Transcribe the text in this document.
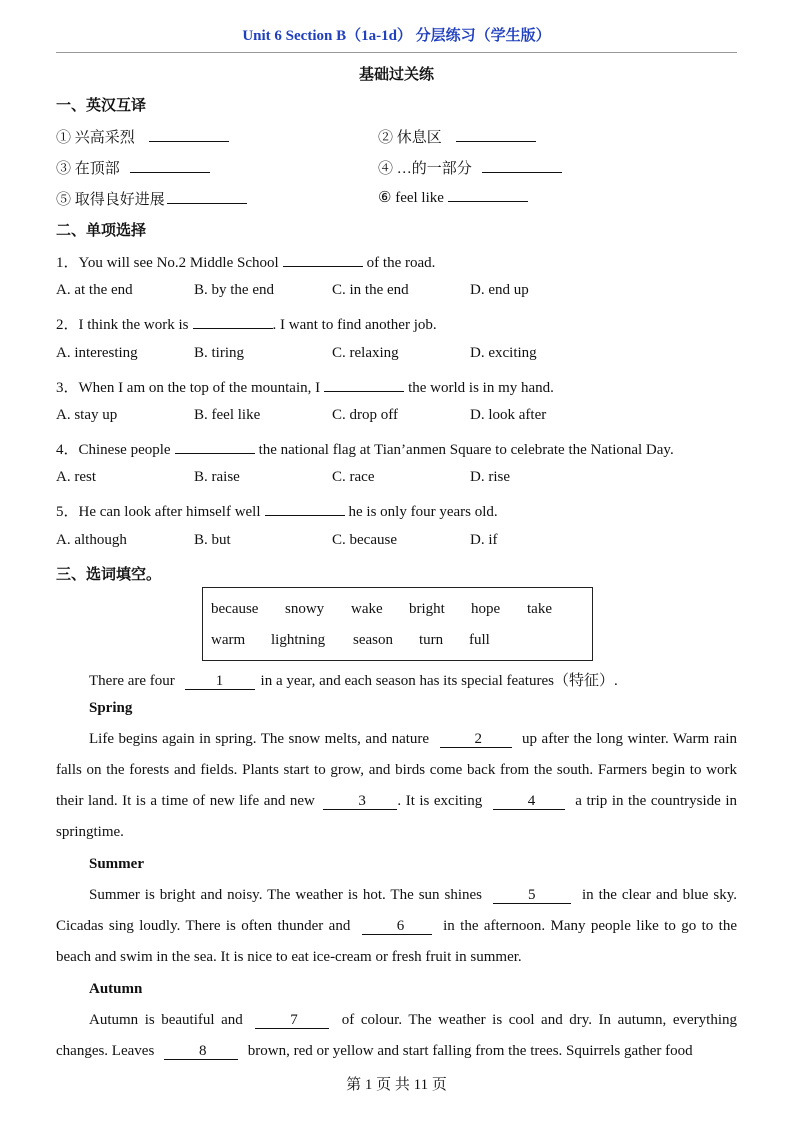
Unit 6 Section B（1a-1d） 分层练习（学生版）
基础过关练
一、英汉互译
① 兴高采烈	② 休息区
③ 在顶部	④ …的一部分
⑤ 取得良好进展	⑥ feel like
二、单项选择
1．You will see No.2 Middle School	of the road.
A. at the end	B. by the end	C. in the end	D. end up
2．I think the work is	. I want to find another job.
A. interesting	B. tiring	C. relaxing	D. exciting
3．When I am on the top of the mountain, I	the world is in my hand.
A. stay up	B. feel like	C. drop off	D. look after
4．Chinese people	the national flag at Tian’anmen Square to celebrate the National Day.
A. rest	B. raise	C. race	D. rise
5．He can look after himself well	he is only four years old.
A. although	B. but	C. because	D. if
三、选词填空。
because snowy wake bright hope take
warm lightning season turn full
There are four	1 in a year, and each season has its special features（特征）.
Spring
Life begins again in spring. The snow melts, and nature	2	up after the long winter. Warm rain falls on the forests and fields. Plants start to grow, and birds come back from the south. Farmers begin to work their land. It is a time of new life and new	3 . It is exciting	4	a trip in the countryside in springtime.
Summer
Summer is bright and noisy. The weather is hot. The sun shines	5	in the clear and blue sky. Cicadas sing loudly. There is often thunder and	6	in the afternoon. Many people like to go to the beach and swim in the sea. It is nice to eat ice-cream or fresh fruit in summer.
Autumn
Autumn is beautiful and	7	of colour. The weather is cool and dry. In autumn, everything changes. Leaves	8	brown, red or yellow and start falling from the trees. Squirrels gather food
第 1 页 共 11 页
